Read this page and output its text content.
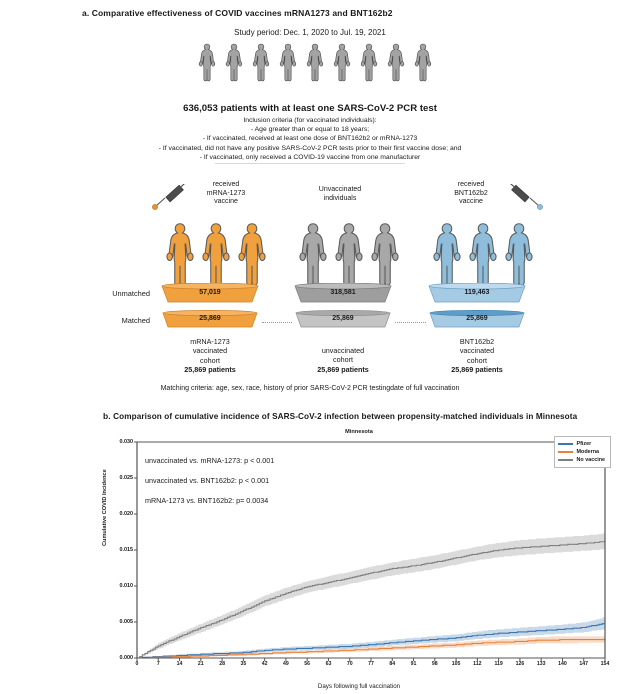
a. Comparative effectiveness of COVID vaccines mRNA1273 and BNT162b2
Study period: Dec. 1, 2020 to Jul. 19, 2021
636,053 patients with at least one SARS-CoV-2 PCR test
Inclusion criteria (for vaccinated individuals):
- Age greater than or equal to 18 years;
- If vaccinated, received at least one dose of BNT162b2 or mRNA-1273
- If vaccinated, did not have any positive SARS-CoV-2 PCR tests prior to their first vaccine dose; and
- If vaccinated, only received a COVID-19 vaccine from one manufacturer
received
mRNA-1273
vaccine
Unvaccinated
individuals
received
BNT162b2
vaccine
Unmatched
Matched
57,019	318,581	119,463
25,869	25,869	25,869
mRNA-1273
vaccinated
cohort
25,869 patients
unvaccinated
cohort
25,869 patients
BNT162b2
vaccinated
cohort
25,869 patients
Matching criteria: age, sex, race, history of prior SARS-CoV-2 PCR testingdate of full vaccination
b. Comparison of cumulative incidence of SARS-CoV-2 infection between propensity-matched individuals in Minnesota
Minnesota
Cumulative COVID Incidence
Days following full vaccination
0.000
0.005
0.010
0.015
0.020
0.025
0.030
0	7	14	21	28	35	42	49	56	63	70	77	84	91	98	105	112	119	126	133	140	147	154
unvaccinated vs. mRNA-1273: p < 0.001
unvaccinated vs. BNT162b2: p < 0.001
mRNA-1273 vs. BNT162b2: p= 0.0034
Pfizer
Moderna
No vaccine
